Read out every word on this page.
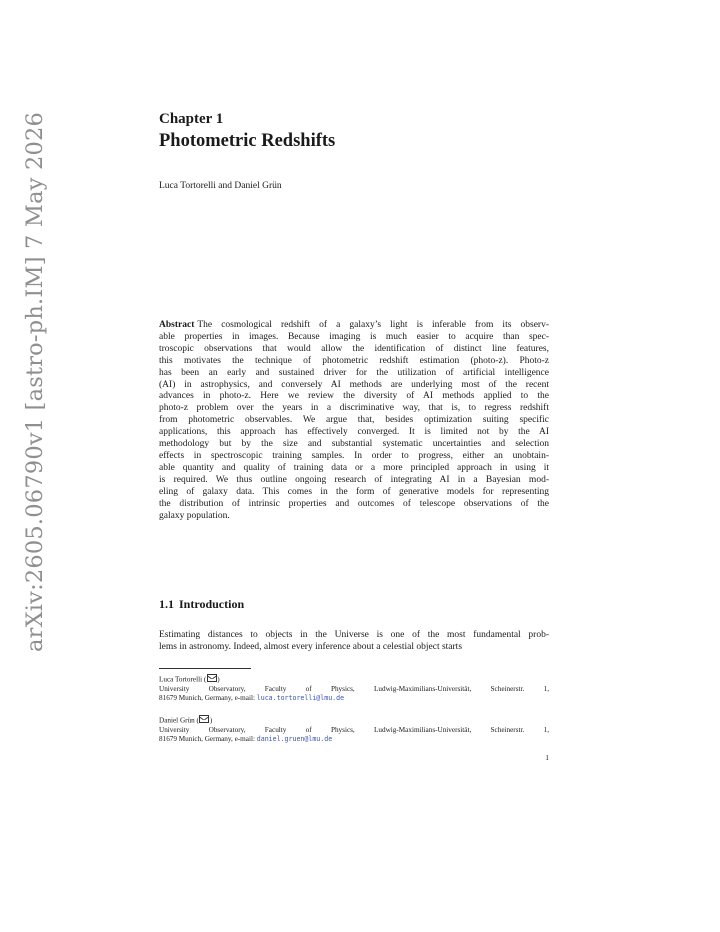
arXiv:2605.06790v1 [astro-ph.IM] 7 May 2026	Chapter 1
Photometric Redshifts
Luca Tortorelli and Daniel Grün
Abstract The cosmological redshift of a galaxy’s light is inferable from its observ-
able properties in images. Because imaging is much easier to acquire than spec-
troscopic observations that would allow the identification of distinct line features,
this motivates the technique of photometric redshift estimation (photo-z). Photo-z
has been an early and sustained driver for the utilization of artificial intelligence
(AI) in astrophysics, and conversely AI methods are underlying most of the recent
advances in photo-z. Here we review the diversity of AI methods applied to the
photo-z problem over the years in a discriminative way, that is, to regress redshift
from photometric observables. We argue that, besides optimization suiting specific
applications, this approach has effectively converged. It is limited not by the AI
methodology but by the size and substantial systematic uncertainties and selection
effects in spectroscopic training samples. In order to progress, either an unobtain-
able quantity and quality of training data or a more principled approach in using it
is required. We thus outline ongoing research of integrating AI in a Bayesian mod-
eling of galaxy data. This comes in the form of generative models for representing
the distribution of intrinsic properties and outcomes of telescope observations of the
galaxy population.
1.1 Introduction
Estimating distances to objects in the Universe is one of the most fundamental prob-
lems in astronomy. Indeed, almost every inference about a celestial object starts
Luca Tortorelli ( )
University Observatory, Faculty of Physics, Ludwig-Maximilians-Universität, Scheinerstr. 1,
81679 Munich, Germany, e-mail: luca.tortorelli@lmu.de
Daniel Grün ( )
University Observatory, Faculty of Physics, Ludwig-Maximilians-Universität, Scheinerstr. 1,
81679 Munich, Germany, e-mail: daniel.gruen@lmu.de
1
